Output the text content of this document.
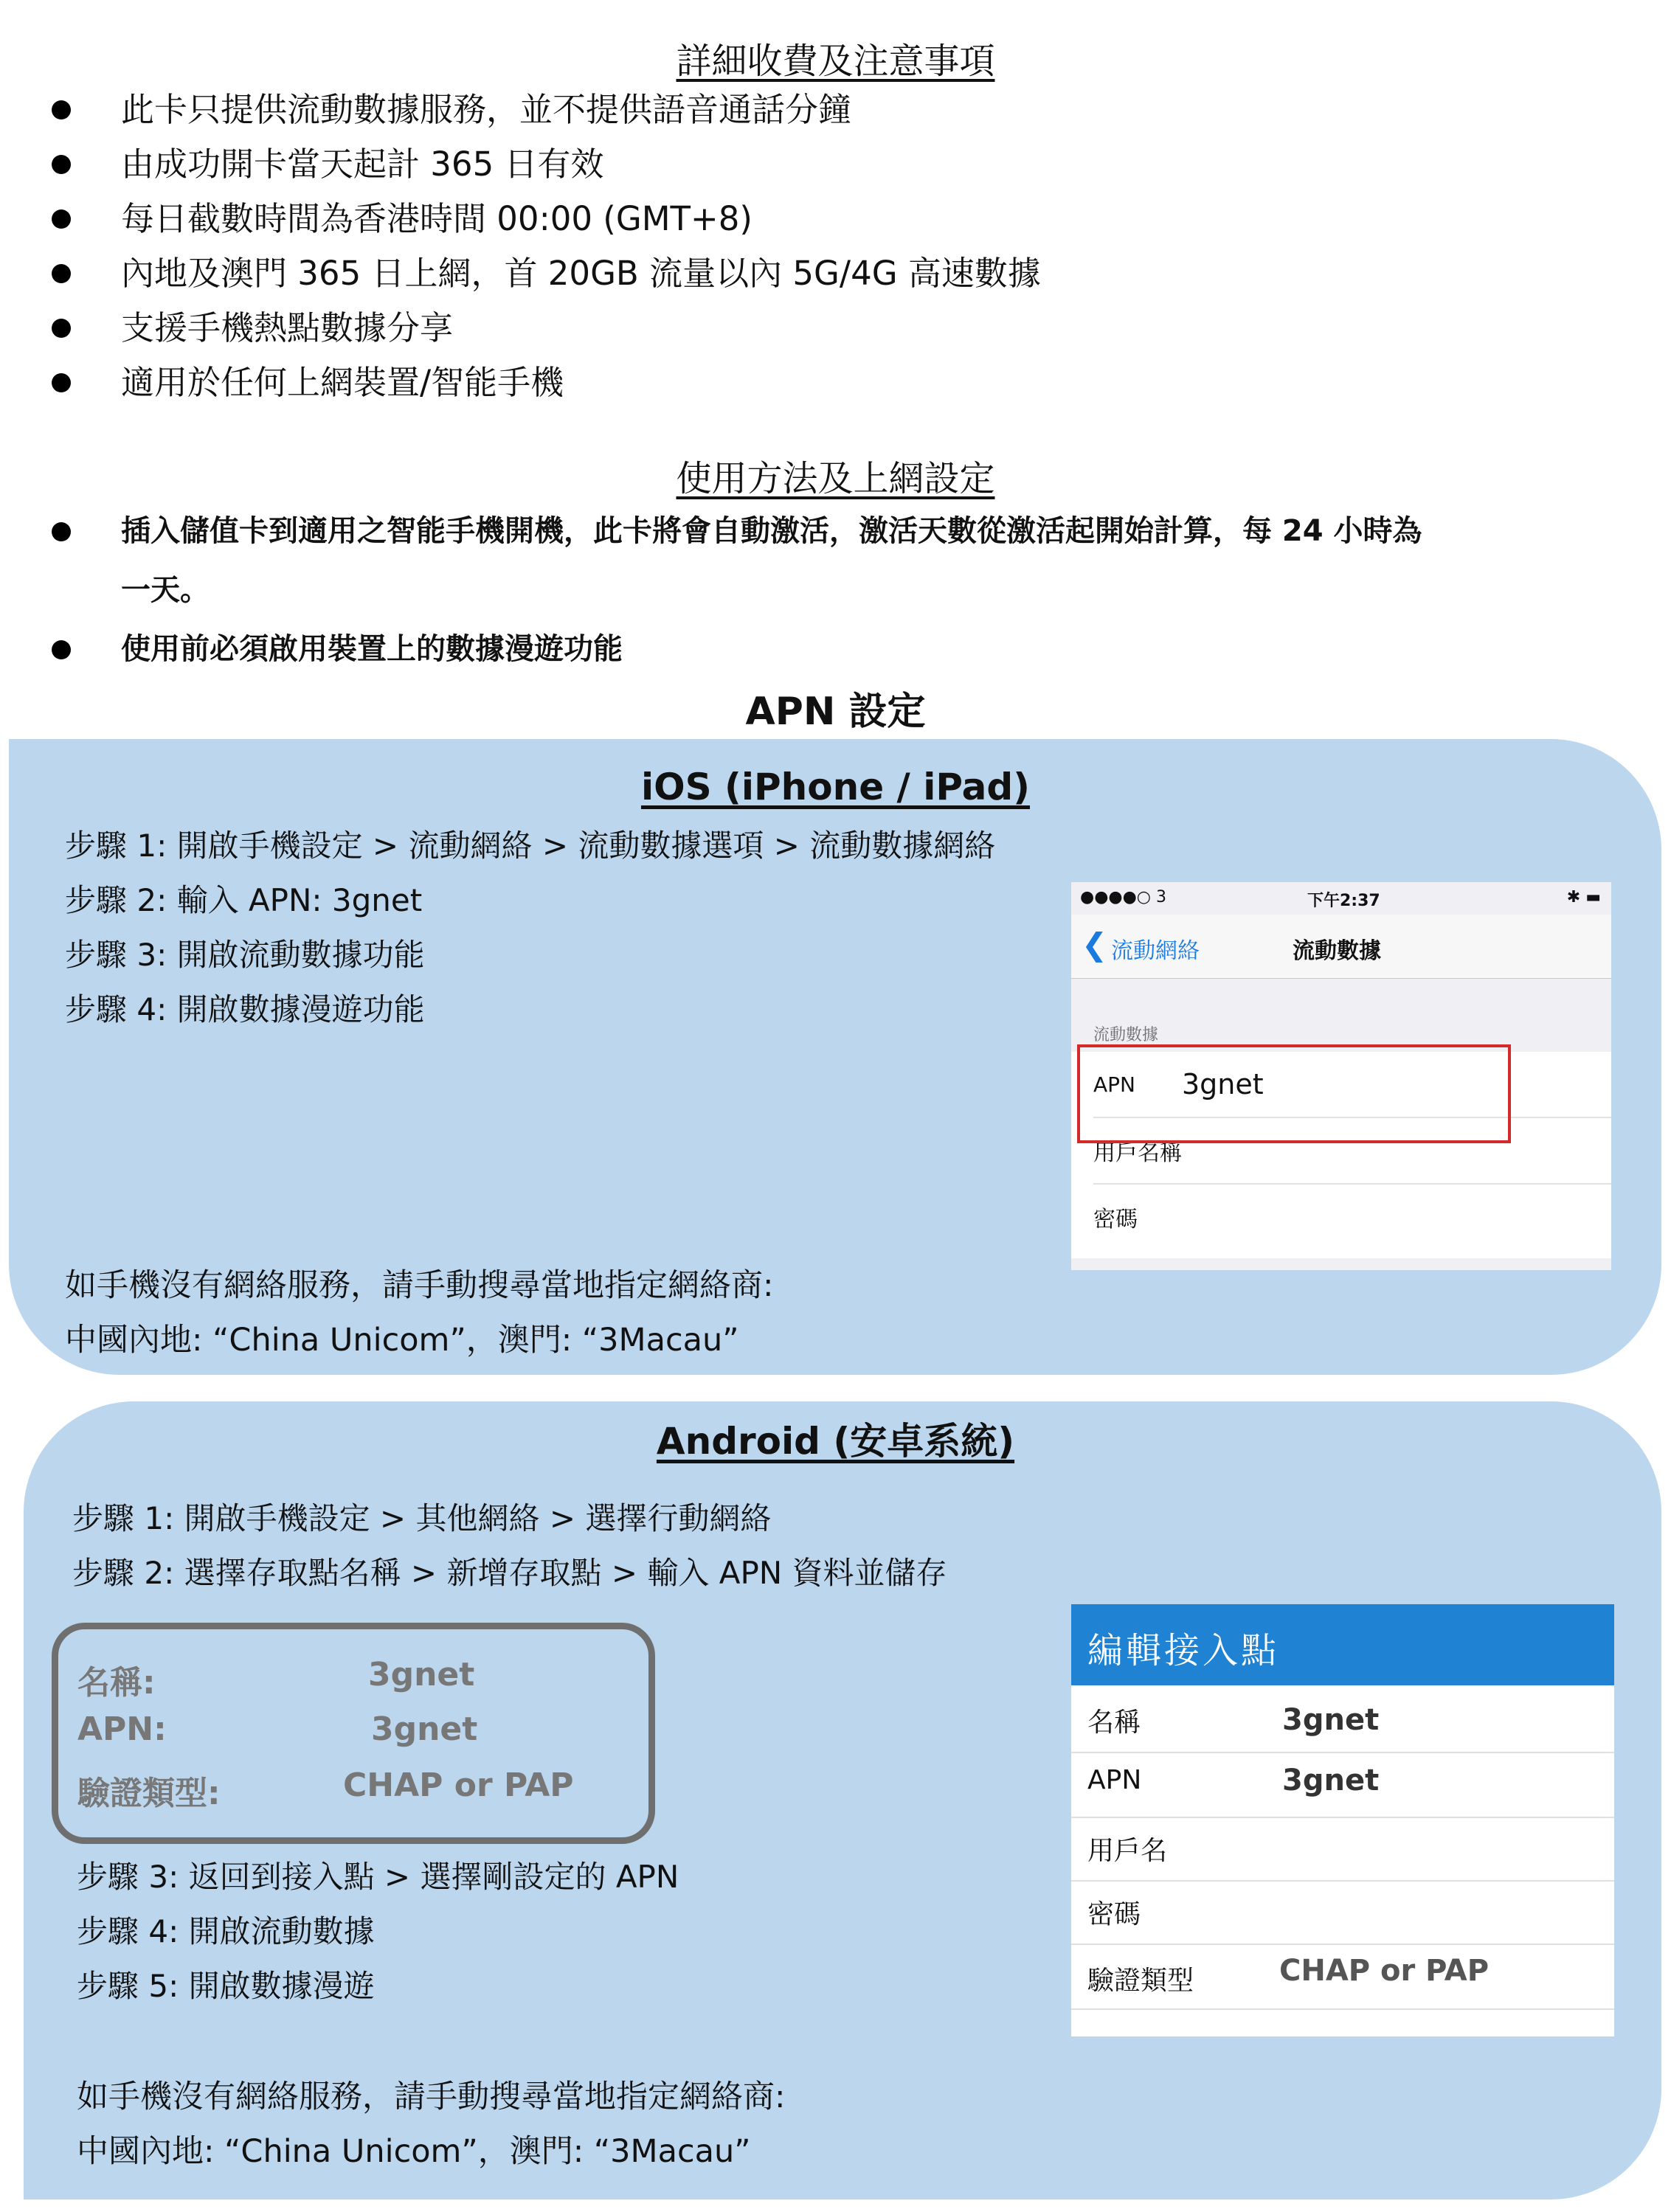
詳細收費及注意事項
此卡只提供流動數據服務，並不提供語音通話分鐘
由成功開卡當天起計 365 日有效
每日截數時間為香港時間 00:00 (GMT+8)
內地及澳門 365 日上網，首 20GB 流量以內 5G/4G 高速數據
支援手機熱點數據分享
適用於任何上網裝置/智能手機
使用方法及上網設定
插入儲值卡到適用之智能手機開機，此卡將會自動激活，激活天數從激活起開始計算，每 24 小時為
一天。
使用前必須啟用裝置上的數據漫遊功能
APN 設定
iOS (iPhone / iPad)
步驟 1: 開啟手機設定 > 流動網絡 > 流動數據選項 > 流動數據網絡
步驟 2: 輸入 APN: 3gnet
步驟 3: 開啟流動數據功能
步驟 4: 開啟數據漫遊功能
如手機沒有網絡服務，請手動搜尋當地指定網絡商:
中國內地: “China Unicom”，澳門: “3Macau”
●●●●○ 3	下午2:37	✱ ▬
❮ 流動網絡	流動數據
流動數據
APN 3gnet
用戶名稱
密碼
Android (安卓系統)
步驟 1: 開啟手機設定 > 其他網絡 > 選擇行動網絡
步驟 2: 選擇存取點名稱 > 新增存取點 > 輸入 APN 資料並儲存
名稱:	3gnet
APN:	3gnet
驗證類型:	CHAP or PAP
步驟 3: 返回到接入點 > 選擇剛設定的 APN
步驟 4: 開啟流動數據
步驟 5: 開啟數據漫遊
如手機沒有網絡服務，請手動搜尋當地指定網絡商:
中國內地: “China Unicom”，澳門: “3Macau”
編輯接入點
名稱	3gnet
APN	3gnet
用戶名
密碼
驗證類型	CHAP or PAP
